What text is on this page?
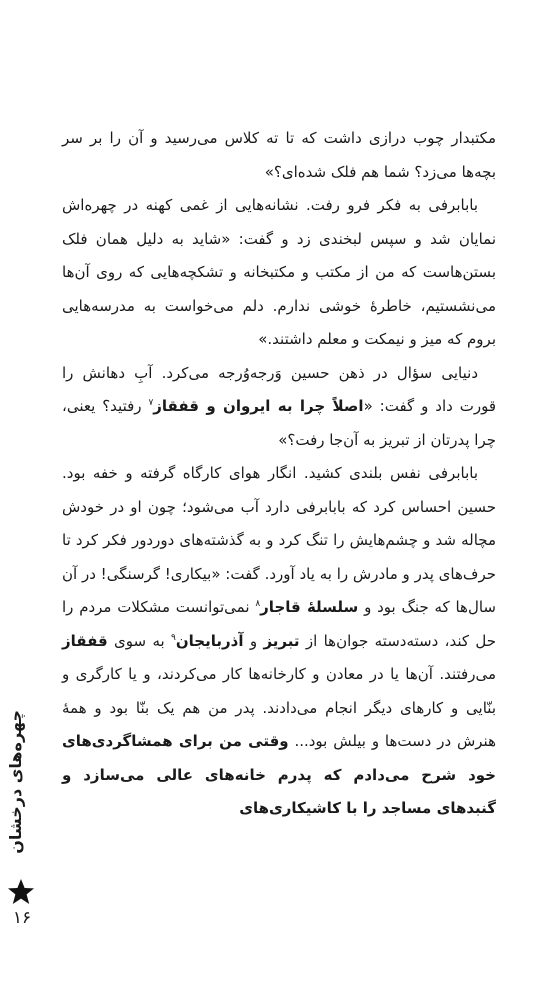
مکتبدار چوب درازی داشت که تا ته کلاس می‌رسید و آن را بر سر بچه‌ها می‌زد؟ شما هم فلک شده‌ای؟»

بابابرفی به فکر فرو رفت. نشانه‌هایی از غمی کهنه در چهره‌اش نمایان شد و سپس لبخندی زد و گفت: «شاید به دلیل همان فلک بستن‌هاست که من از مکتب و مکتبخانه و تشکچه‌هایی که روی آن‌ها می‌نشستیم، خاطرهٔ خوشی ندارم. دلم می‌خواست به مدرسه‌هایی بروم که میز و نیمکت و معلم داشتند.»

دنیایی سؤال در ذهن حسین وَرجه‌وُرجه می‌کرد. آبِ دهانش را قورت داد و گفت: «اصلاً چرا به ایروان و قفقاز$^۷$ رفتید؟ یعنی، چرا پدرتان از تبریز به آن‌جا رفت؟»

بابابرفی نفس بلندی کشید. انگار هوای کارگاه گرفته و خفه بود. حسین احساس کرد که بابابرفی دارد آب می‌شود؛ چون او در خودش مچاله شد و چشم‌هایش را تنگ کرد و به گذشته‌های دوردور فکر کرد تا حرف‌های پدر و مادرش را به یاد آورد. گفت: «بیکاری! گرسنگی! در آن سال‌ها که جنگ بود و سلسلهٔ قاجار$^۸$ نمی‌توانست مشکلات مردم را حل کند، دسته‌دسته جوان‌ها از تبریز و آذربایجان$^۹$ به سوی قفقاز می‌رفتند. آن‌ها یا در معادن و کارخانه‌ها کار می‌کردند، و یا کارگری و بنّایی و کارهای دیگر انجام می‌دادند. پدر من هم یک بنّا بود و همهٔ هنرش در دست‌ها و بیلش بود... وقتی من برای همشاگردی‌های خود شرح می‌دادم که پدرم خانه‌های عالی می‌سازد و گنبدهای مساجد را با کاشیکاری‌های

چهره‌های درخشان
۱۶
